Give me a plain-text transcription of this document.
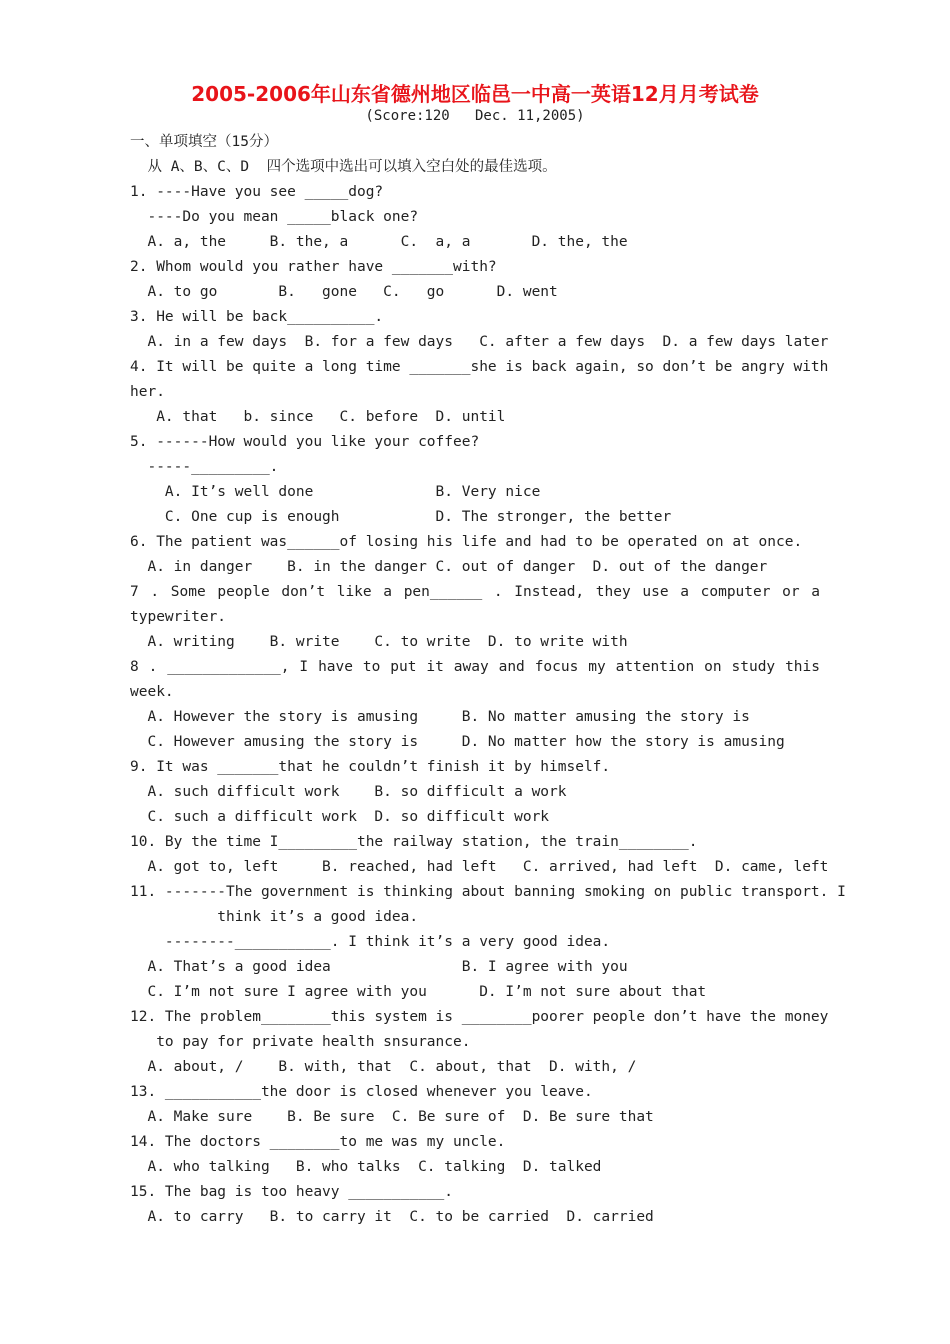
2005-2006年山东省德州地区临邑一中高一英语12月月考试卷
(Score:120   Dec. 11,2005)
一、单项填空（15分）
从 A、B、C、D  四个选项中选出可以填入空白处的最佳选项。
1. ----Have you see _____dog?
----Do you mean _____black one?
A. a, the     B. the, a      C.  a, a       D. the, the
2. Whom would you rather have _______with?
A. to go       B.   gone   C.   go      D. went
3. He will be back__________.
A. in a few days  B. for a few days   C. after a few days  D. a few days later
4. It will be quite a long time _______she is back again, so don’t be angry with
her.
A. that   b. since   C. before  D. until
5. ------How would you like your coffee?
-----_________.
A. It’s well done              B. Very nice
C. One cup is enough           D. The stronger, the better
6. The patient was______of losing his life and had to be operated on at once.
A. in danger    B. in the danger C. out of danger  D. out of the danger
7 . Some people don’t like a pen______ . Instead, they use a computer or a
typewriter.
A. writing    B. write    C. to write  D. to write with
8 . _____________, I have to put it away and focus my attention on study this
week.
A. However the story is amusing     B. No matter amusing the story is
C. However amusing the story is     D. No matter how the story is amusing
9. It was _______that he couldn’t finish it by himself.
A. such difficult work    B. so difficult a work
C. such a difficult work  D. so difficult work
10. By the time I_________the railway station, the train________.
A. got to, left     B. reached, had left   C. arrived, had left  D. came, left
11. -------The government is thinking about banning smoking on public transport. I
think it’s a good idea.
--------___________. I think it’s a very good idea.
A. That’s a good idea               B. I agree with you
C. I’m not sure I agree with you      D. I’m not sure about that
12. The problem________this system is ________poorer people don’t have the money
to pay for private health snsurance.
A. about, /    B. with, that  C. about, that  D. with, /
13. ___________the door is closed whenever you leave.
A. Make sure    B. Be sure  C. Be sure of  D. Be sure that
14. The doctors ________to me was my uncle.
A. who talking   B. who talks  C. talking  D. talked
15. The bag is too heavy ___________.
A. to carry   B. to carry it  C. to be carried  D. carried
